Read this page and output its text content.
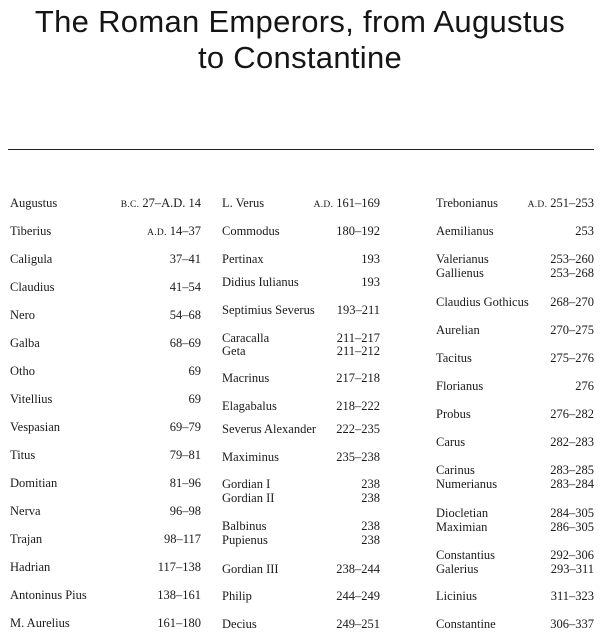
The Roman Emperors, from Augustus
to Constantine
Augustus	B.C. 27–A.D. 14
Tiberius	A.D. 14–37
Caligula	37–41
Claudius	41–54
Nero	54–68
Galba	68–69
Otho	69
Vitellius	69
Vespasian	69–79
Titus	79–81
Domitian	81–96
Nerva	96–98
Trajan	98–117
Hadrian	117–138
Antoninus Pius	138–161
M. Aurelius	161–180
L. Verus	A.D. 161–169
Commodus	180–192
Pertinax	193
Didius Iulianus	193
Septimius Severus 193–211
Caracalla	211–217
Geta	211–212
Macrinus	217–218
Elagabalus	218–222
Severus Alexander 222–235
Maximinus	235–238
Gordian I	238
Gordian II	238
Balbinus	238
Pupienus	238
Gordian III	238–244
Philip	244–249
Decius	249–251
Trebonianus	A.D. 251–253
Aemilianus	253
Valerianus	253–260
Gallienus	253–268
Claudius Gothicus 268–270
Aurelian	270–275
Tacitus	275–276
Florianus	276
Probus	276–282
Carus	282–283
Carinus	283–285
Numerianus	283–284
Diocletian	284–305
Maximian	286–305
Constantius	292–306
Galerius	293–311
Licinius	311–323
Constantine	306–337
